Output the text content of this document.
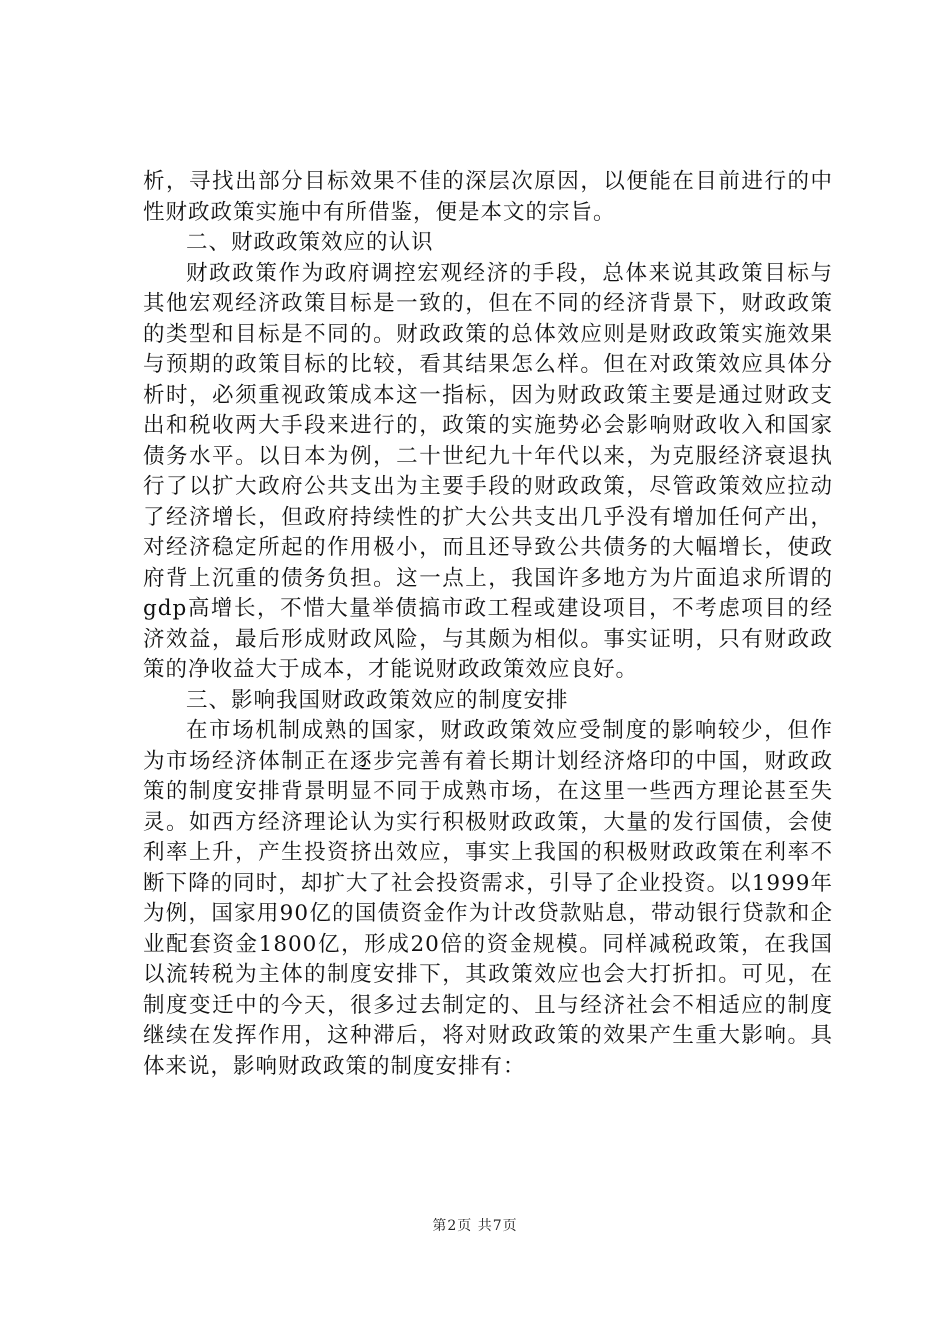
析，寻找出部分目标效果不佳的深层次原因，以便能在目前进行的中性财政政策实施中有所借鉴，便是本文的宗旨。

二、财政政策效应的认识

财政政策作为政府调控宏观经济的手段，总体来说其政策目标与其他宏观经济政策目标是一致的，但在不同的经济背景下，财政政策的类型和目标是不同的。财政政策的总体效应则是财政政策实施效果与预期的政策目标的比较，看其结果怎么样。但在对政策效应具体分析时，必须重视政策成本这一指标，因为财政政策主要是通过财政支出和税收两大手段来进行的，政策的实施势必会影响财政收入和国家债务水平。以日本为例，二十世纪九十年代以来，为克服经济衰退执行了以扩大政府公共支出为主要手段的财政政策，尽管政策效应拉动了经济增长，但政府持续性的扩大公共支出几乎没有增加任何产出，对经济稳定所起的作用极小，而且还导致公共债务的大幅增长，使政府背上沉重的债务负担。这一点上，我国许多地方为片面追求所谓的gdp高增长，不惜大量举债搞市政工程或建设项目，不考虑项目的经济效益，最后形成财政风险，与其颇为相似。事实证明，只有财政政策的净收益大于成本，才能说财政政策效应良好。

三、影响我国财政政策效应的制度安排

在市场机制成熟的国家，财政政策效应受制度的影响较少，但作为市场经济体制正在逐步完善有着长期计划经济烙印的中国，财政政策的制度安排背景明显不同于成熟市场，在这里一些西方理论甚至失灵。如西方经济理论认为实行积极财政政策，大量的发行国债，会使利率上升，产生投资挤出效应，事实上我国的积极财政政策在利率不断下降的同时，却扩大了社会投资需求，引导了企业投资。以1999年为例，国家用90亿的国债资金作为计改贷款贴息，带动银行贷款和企业配套资金1800亿，形成20倍的资金规模。同样减税政策，在我国以流转税为主体的制度安排下，其政策效应也会大打折扣。可见，在制度变迁中的今天，很多过去制定的、且与经济社会不相适应的制度继续在发挥作用，这种滞后，将对财政政策的效果产生重大影响。具体来说，影响财政政策的制度安排有：

第2页 共7页
